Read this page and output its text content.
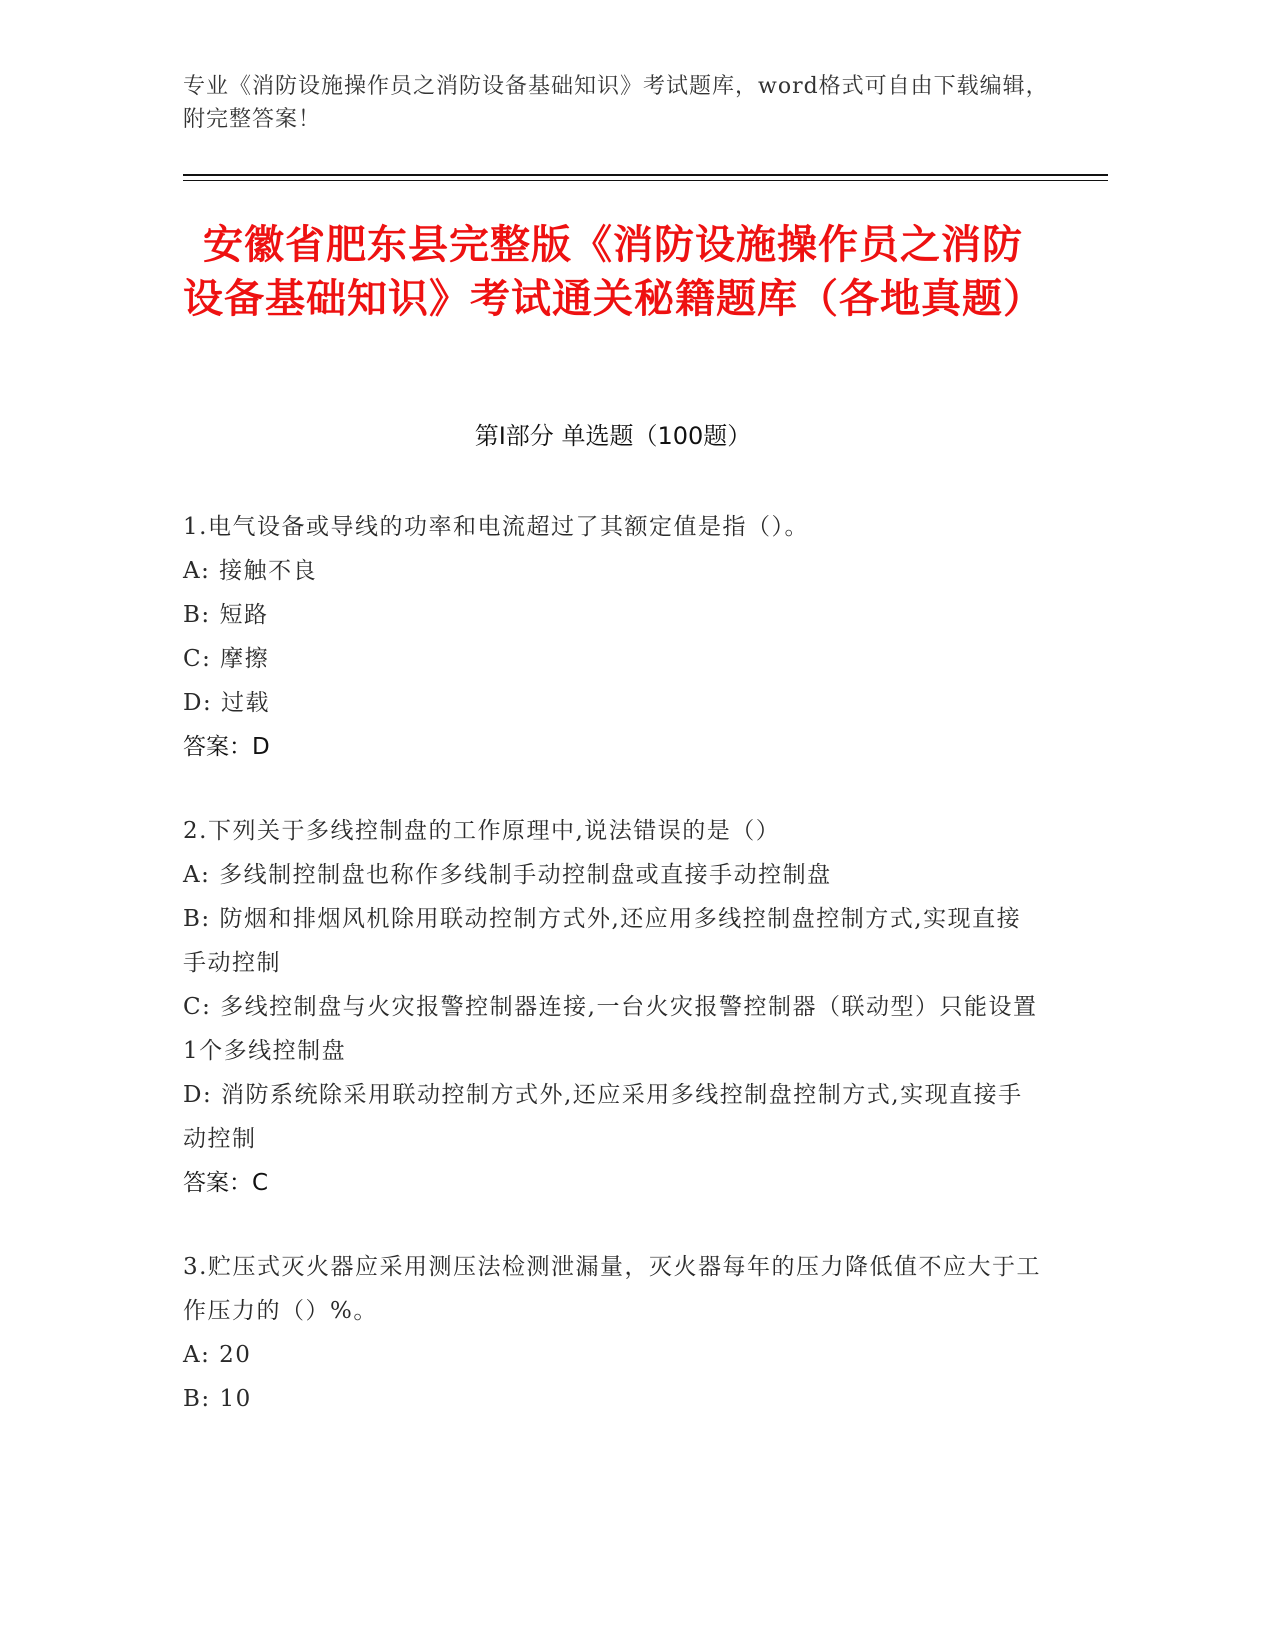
专业《消防设施操作员之消防设备基础知识》考试题库，word格式可自由下载编辑，附完整答案！
安徽省肥东县完整版《消防设施操作员之消防设备基础知识》考试通关秘籍题库（各地真题）
第I部分 单选题（100题）
1.电气设备或导线的功率和电流超过了其额定值是指（）。
A: 接触不良
B: 短路
C: 摩擦
D: 过载
答案：D
2.下列关于多线控制盘的工作原理中,说法错误的是（）
A: 多线制控制盘也称作多线制手动控制盘或直接手动控制盘
B: 防烟和排烟风机除用联动控制方式外,还应用多线控制盘控制方式,实现直接手动控制
C: 多线控制盘与火灾报警控制器连接,一台火灾报警控制器（联动型）只能设置1个多线控制盘
D: 消防系统除采用联动控制方式外,还应采用多线控制盘控制方式,实现直接手动控制
答案：C
3.贮压式灭火器应采用测压法检测泄漏量，灭火器每年的压力降低值不应大于工作压力的（）%。
A: 20
B: 10
